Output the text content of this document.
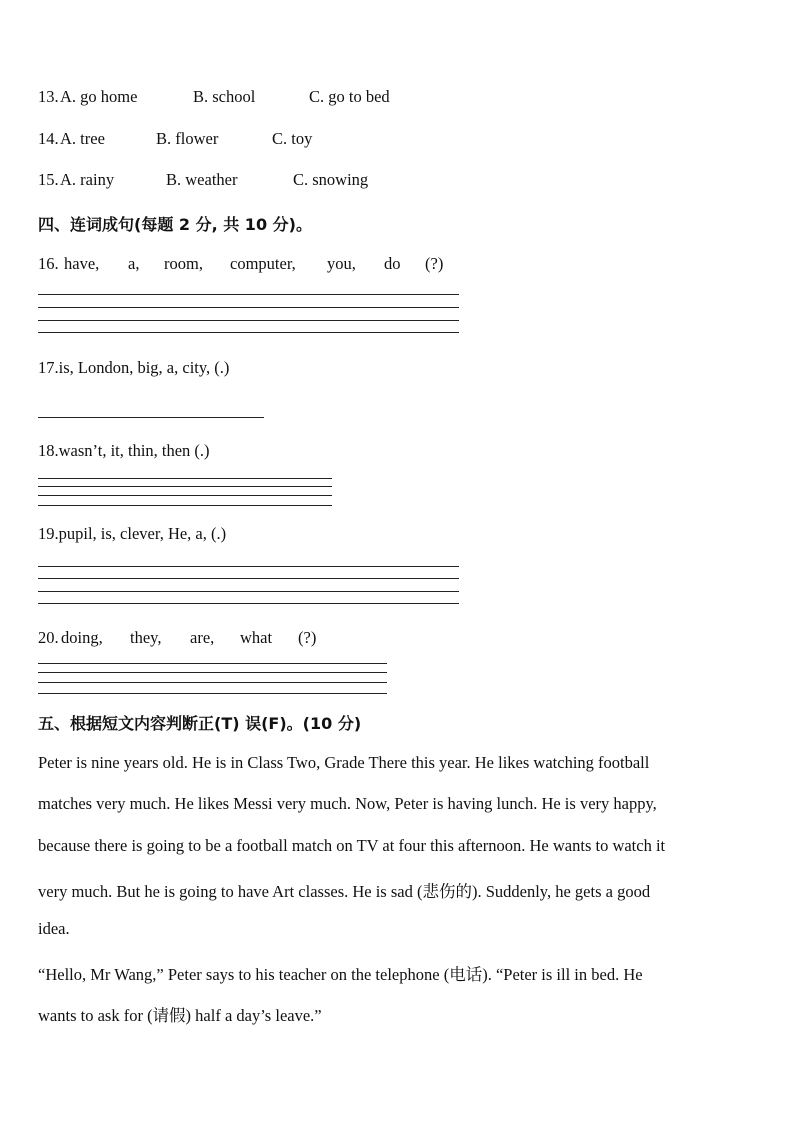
13. A. go home	B. school	C. go to bed
14. A. tree	B. flower	C. toy
15. A. rainy	B. weather	C. snowing
四、连词成句(每题 2 分, 共 10 分)。
16. have, a, room, computer, you, do (?)
17.is, London, big, a, city, (.)
18.wasn’t, it, thin, then (.)
19.pupil, is, clever, He, a, (.)
20. doing, they, are, what (?)
五、根据短文内容判断正(T) 误(F)。(10 分)
Peter is nine years old. He is in Class Two, Grade There this year. He likes watching football
matches very much. He likes Messi very much. Now, Peter is having lunch. He is very happy,
because there is going to be a football match on TV at four this afternoon. He wants to watch it
very much. But he is going to have Art classes. He is sad (悲伤的). Suddenly, he gets a good
idea.
“Hello, Mr Wang,” Peter says to his teacher on the telephone (电话). “Peter is ill in bed. He
wants to ask for (请假) half a day’s leave.”
